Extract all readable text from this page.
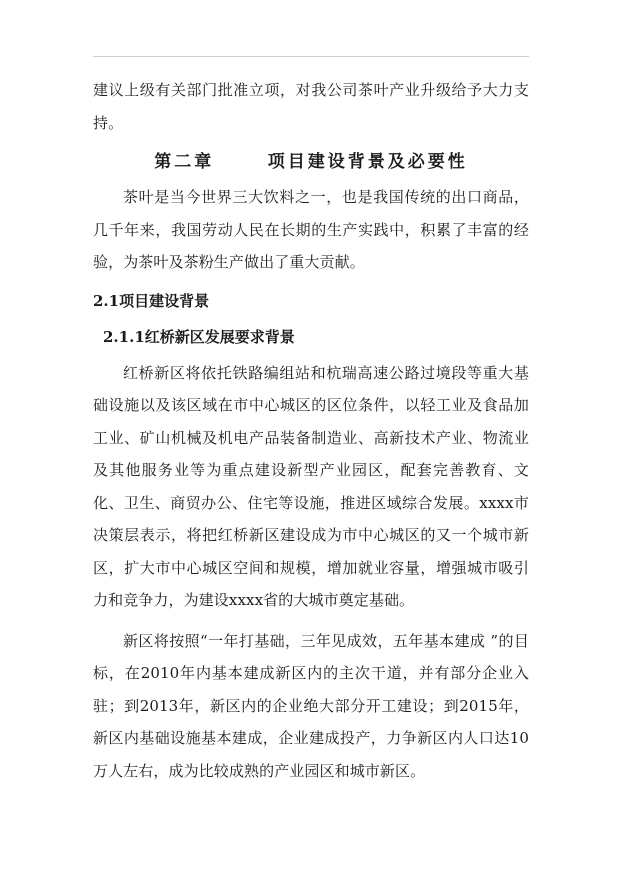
建议上级有关部门批准立项，对我公司茶叶产业升级给予大力支持。

第二章      项目建设背景及必要性

茶叶是当今世界三大饮料之一，也是我国传统的出口商品，几千年来，我国劳动人民在长期的生产实践中，积累了丰富的经验，为茶叶及茶粉生产做出了重大贡献。

2.1项目建设背景
2.1.1红桥新区发展要求背景

红桥新区将依托铁路编组站和杭瑞高速公路过境段等重大基础设施以及该区域在市中心城区的区位条件，以轻工业及食品加工业、矿山机械及机电产品装备制造业、高新技术产业、物流业及其他服务业等为重点建设新型产业园区，配套完善教育、文化、卫生、商贸办公、住宅等设施，推进区域综合发展。xxxx市决策层表示，将把红桥新区建设成为市中心城区的又一个城市新区，扩大市中心城区空间和规模，增加就业容量，增强城市吸引力和竞争力，为建设xxxx省的大城市奠定基础。

新区将按照“一年打基础，三年见成效，五年基本建成 ”的目标，在2010年内基本建成新区内的主次干道，并有部分企业入驻；到2013年，新区内的企业绝大部分开工建设；到2015年，新区内基础设施基本建成，企业建成投产，力争新区内人口达10万人左右，成为比较成熟的产业园区和城市新区。
